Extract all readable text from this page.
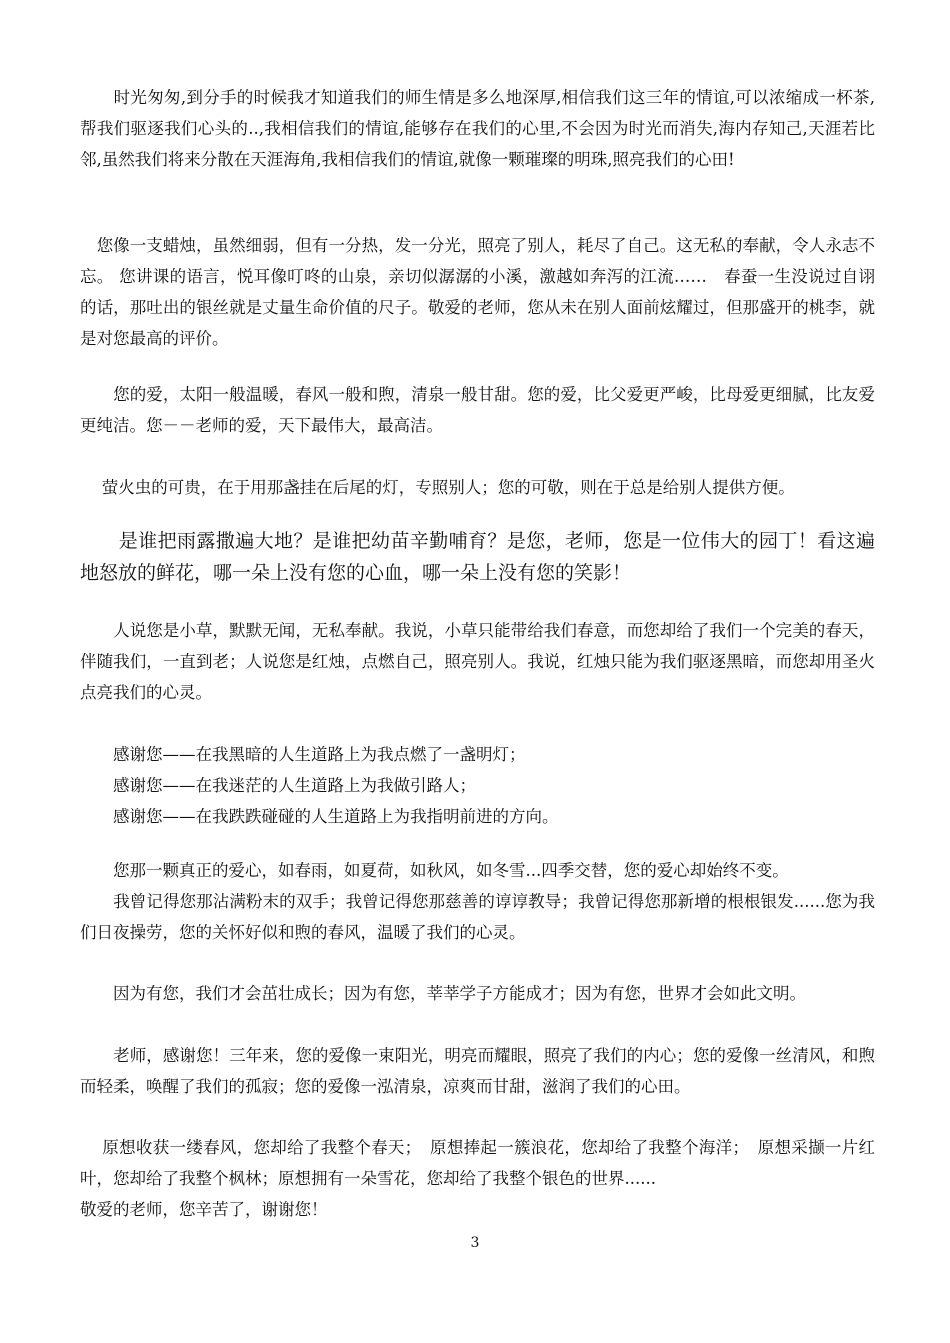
　　时光匆匆,到分手的时候我才知道我们的师生情是多么地深厚,相信我们这三年的情谊,可以浓缩成一杯茶,帮我们驱逐我们心头的..,我相信我们的情谊,能够存在我们的心里,不会因为时光而消失,海内存知己,天涯若比邻,虽然我们将来分散在天涯海角,我相信我们的情谊,就像一颗璀璨的明珠,照亮我们的心田!

　您像一支蜡烛，虽然细弱，但有一分热，发一分光，照亮了别人，耗尽了自己。这无私的奉献，令人永志不忘。 您讲课的语言，悦耳像叮咚的山泉，亲切似潺潺的小溪，激越如奔泻的江流……　春蚕一生没说过自诩的话，那吐出的银丝就是丈量生命价值的尺子。敬爱的老师，您从未在别人面前炫耀过，但那盛开的桃李，就是对您最高的评价。

　　您的爱，太阳一般温暖，春风一般和煦，清泉一般甘甜。您的爱，比父爱更严峻，比母爱更细腻，比友爱更纯洁。您－－老师的爱，天下最伟大，最高洁。

　 萤火虫的可贵，在于用那盏挂在后尾的灯，专照别人；您的可敬，则在于总是给别人提供方便。

　　是谁把雨露撒遍大地？是谁把幼苗辛勤哺育？是您，老师，您是一位伟大的园丁！看这遍地怒放的鲜花，哪一朵上没有您的心血，哪一朵上没有您的笑影！

　　人说您是小草，默默无闻，无私奉献。我说，小草只能带给我们春意，而您却给了我们一个完美的春天，伴随我们，一直到老；人说您是红烛，点燃自己，照亮别人。我说，红烛只能为我们驱逐黑暗，而您却用圣火点亮我们的心灵。

　　感谢您——在我黑暗的人生道路上为我点燃了一盏明灯；

　　感谢您——在我迷茫的人生道路上为我做引路人；

　　感谢您——在我跌跌碰碰的人生道路上为我指明前进的方向。

　　您那一颗真正的爱心，如春雨，如夏荷，如秋风，如冬雪...四季交替，您的爱心却始终不变。

　　我曾记得您那沾满粉末的双手；我曾记得您那慈善的谆谆教导；我曾记得您那新增的根根银发......您为我们日夜操劳，您的关怀好似和煦的春风，温暖了我们的心灵。

　　因为有您，我们才会茁壮成长；因为有您，莘莘学子方能成才；因为有您，世界才会如此文明。

　　老师，感谢您！三年来，您的爱像一束阳光，明亮而耀眼，照亮了我们的内心；您的爱像一丝清风，和煦而轻柔，唤醒了我们的孤寂；您的爱像一泓清泉，凉爽而甘甜，滋润了我们的心田。

　 原想收获一缕春风，您却给了我整个春天；　原想捧起一簇浪花，您却给了我整个海洋；　原想采撷一片红叶，您却给了我整个枫林；原想拥有一朵雪花，您却给了我整个银色的世界......

敬爱的老师，您辛苦了，谢谢您！

3
